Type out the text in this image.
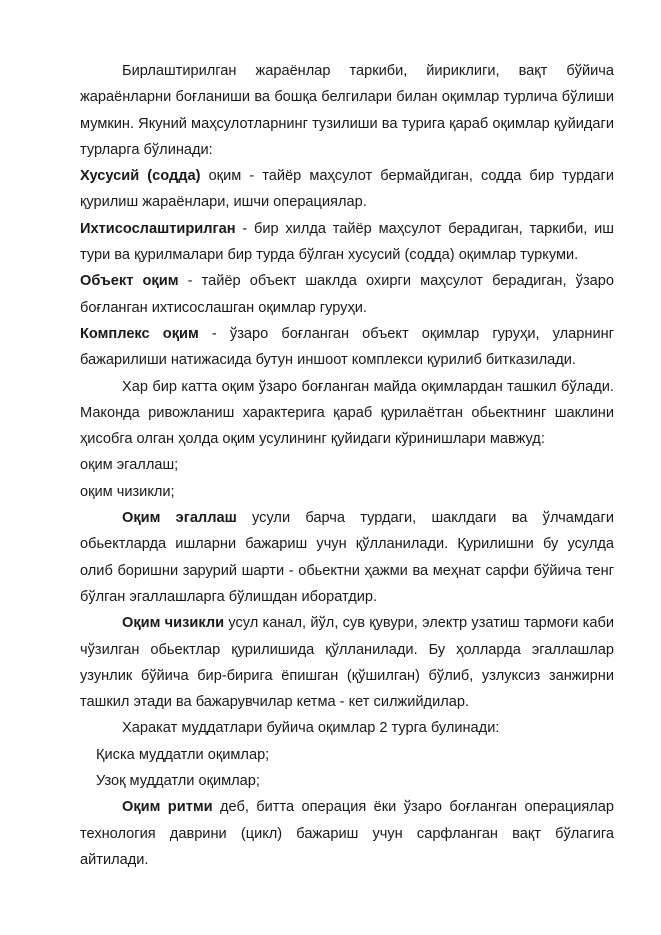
Бирлаштирилган жараёнлар таркиби, йириклиги, вақт бўйича жараёнларни бoғланиши ва бошқа белгилари билан оқимлар турлича бўлиши мумкин. Якуний маҳсулотларнинг тузилиши ва турига қараб оқимлар қуйидаги турларга бўлинади:

Хусусий (содда) оқим - тайёр маҳсулот бермайдиган, содда бир турдаги қурилиш жараёнлари, ишчи операциялар.

Ихтисослаштирилган - бир хилда тайёр маҳсулот берадиган, таркиби, иш тури ва қурилмалари бир турда бўлган хусусий (содда) оқимлар туркуми.

Объект оқим - тайёр объект шаклда охирги маҳсулот берадиган, ўзаро боғланган ихтисослашган оқимлар гуруҳи.

Комплекс оқим - ўзаро боғланган объект оқимлар гуруҳи, уларнинг бажарилиши натижасида бутун иншоот комплекси қурилиб битказилади.

Хар бир катта оқим ўзаро боғланган майда оқимлардан ташкил бўлади. Маконда ривожланиш характерига қараб қурилаётган обьектнинг шаклини ҳисобга олган ҳолда оқим усулининг қуйидаги кўринишлари мавжуд:

оқим эгаллаш;

оқим чизикли;

Оқим эгаллаш усули барча турдаги, шаклдаги ва ўлчамдаги обьектларда ишларни бажариш учун қўлланилади. Қурилишни бу усулда олиб боришни зарурий шарти - обьектни ҳажми ва меҳнат сарфи бўйича тенг бўлган эгаллашларга бўлишдан иборатдир.

Оқим чизикли усул канал, йўл, сув қувури, электр узатиш тармоғи каби чўзилган обьектлар қурилишида қўлланилади. Бу ҳолларда эгаллашлар узунлик бўйича бир-бирига ёпишган (қўшилган) бўлиб, узлуксиз занжирни ташкил этади ва бажарувчилар кетма - кет силжийдилар.

Харакат муддатлари буйича оқимлар 2 турга булинади:

Қиска муддатли оқимлар;

Узоқ муддатли оқимлар;

Оқим ритми деб, битта операция ёки ўзаро боғланган операциялар технология даврини (цикл) бажариш учун сарфланган вақт бўлагига айтилади.
